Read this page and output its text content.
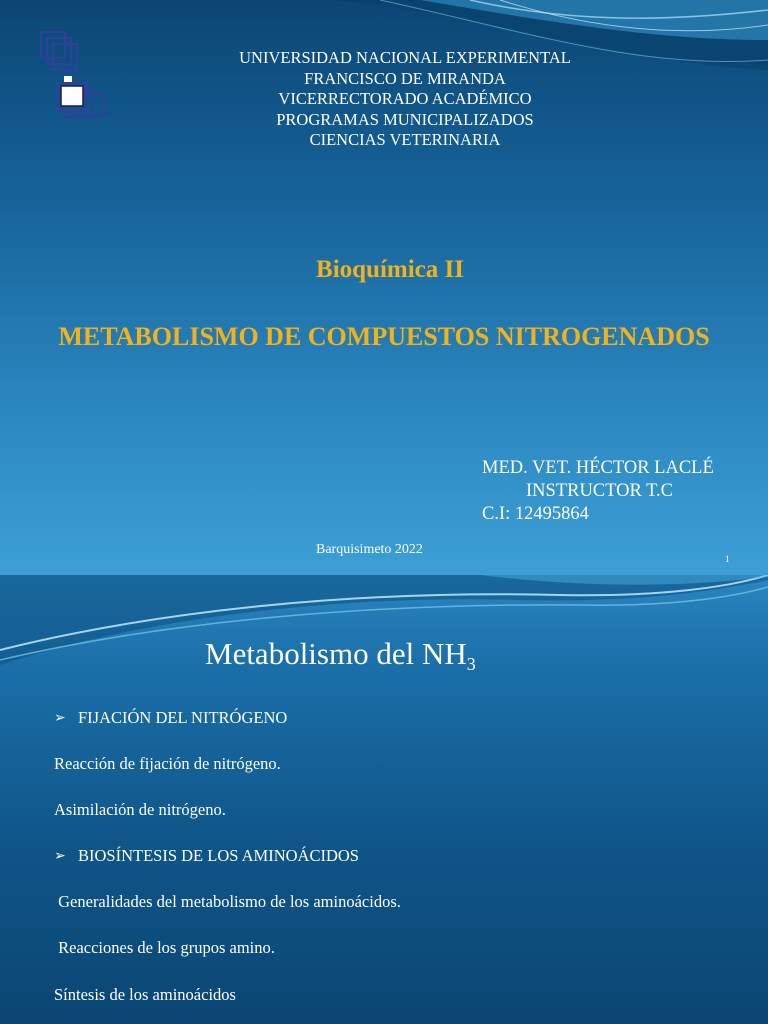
UNIVERSIDAD NACIONAL EXPERIMENTAL
FRANCISCO DE MIRANDA
VICERRECTORADO ACADÉMICO
PROGRAMAS MUNICIPALIZADOS
CIENCIAS VETERINARIA
Bioquímica II
METABOLISMO DE COMPUESTOS NITROGENADOS
MED. VET. HÉCTOR LACLÉ
INSTRUCTOR T.C
C.I: 12495864
Barquisimeto 2022
1
Metabolismo del $NH_3$
➢ FIJACIÓN DEL NITRÓGENO
Reacción de fijación de nitrógeno.
Asimilación de nitrógeno.
➢ BIOSÍNTESIS DE LOS AMINOÁCIDOS
Generalidades del metabolismo de los aminoácidos.
Reacciones de los grupos amino.
Síntesis de los aminoácidos
